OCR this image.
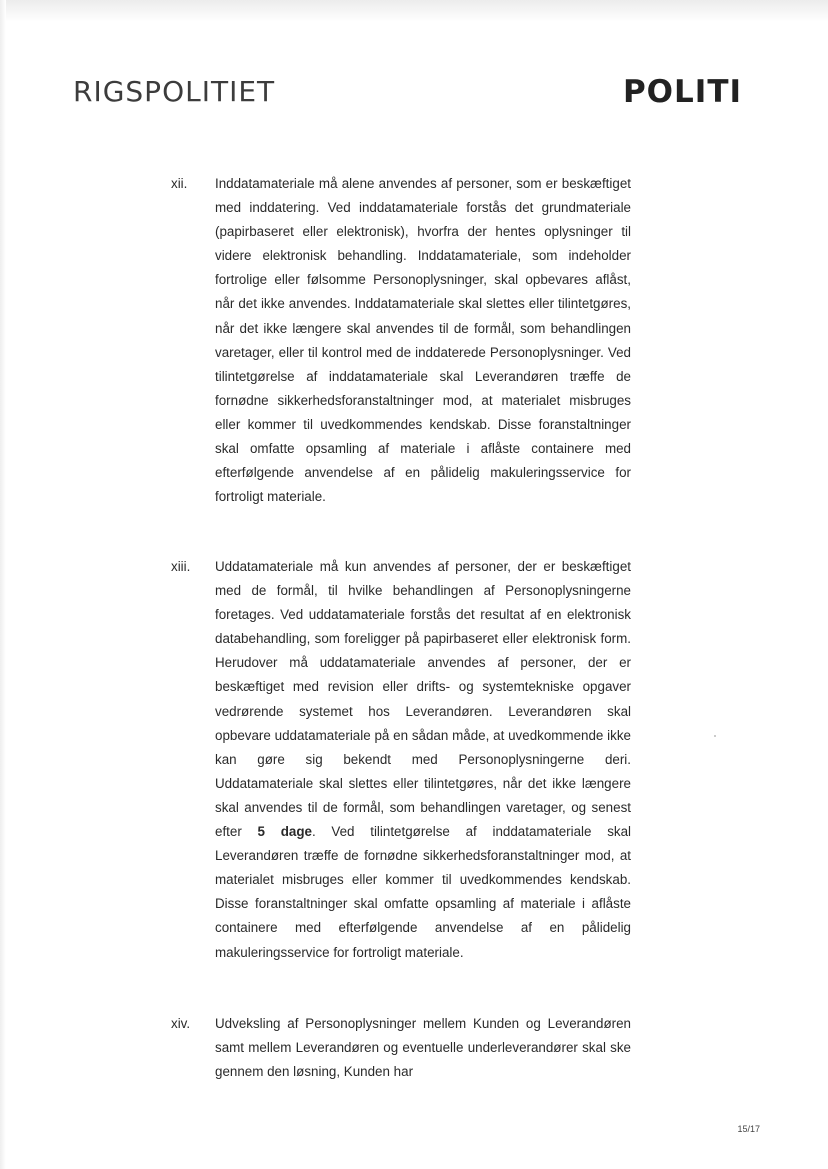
RIGSPOLITIET	POLITI
xii. Inddatamateriale må alene anvendes af personer, som er beskæftiget med inddatering. Ved inddatamateriale forstås det grundmateriale (papirbaseret eller elektronisk), hvorfra der hentes oplysninger til videre elektronisk behandling. Inddatamateriale, som indeholder fortrolige eller følsomme Personoplysninger, skal opbevares aflåst, når det ikke anvendes. Inddatamateriale skal slettes eller tilintetgøres, når det ikke længere skal anvendes til de formål, som behandlingen varetager, eller til kontrol med de inddaterede Personoplysninger. Ved tilintetgørelse af inddatamateriale skal Leverandøren træffe de fornødne sikkerhedsforanstaltninger mod, at materialet misbruges eller kommer til uvedkommendes kendskab. Disse foranstaltninger skal omfatte opsamling af materiale i aflåste containere med efterfølgende anvendelse af en pålidelig makuleringsservice for fortroligt materiale.
xiii. Uddatamateriale må kun anvendes af personer, der er beskæftiget med de formål, til hvilke behandlingen af Personoplysningerne foretages. Ved uddatamateriale forstås det resultat af en elektronisk databehandling, som foreligger på papirbaseret eller elektronisk form. Herudover må uddatamateriale anvendes af personer, der er beskæftiget med revision eller drifts- og systemtekniske opgaver vedrørende systemet hos Leverandøren. Leverandøren skal opbevare uddatamateriale på en sådan måde, at uvedkommende ikke kan gøre sig bekendt med Personoplysningerne deri. Uddatamateriale skal slettes eller tilintetgøres, når det ikke længere skal anvendes til de formål, som behandlingen varetager, og senest efter 5 dage. Ved tilintetgørelse af inddatamateriale skal Leverandøren træffe de fornødne sikkerhedsforanstaltninger mod, at materialet misbruges eller kommer til uvedkommendes kendskab. Disse foranstaltninger skal omfatte opsamling af materiale i aflåste containere med efterfølgende anvendelse af en pålidelig makuleringsservice for fortroligt materiale.
xiv. Udveksling af Personoplysninger mellem Kunden og Leverandøren samt mellem Leverandøren og eventuelle underleverandører skal ske gennem den løsning, Kunden har
15/17
